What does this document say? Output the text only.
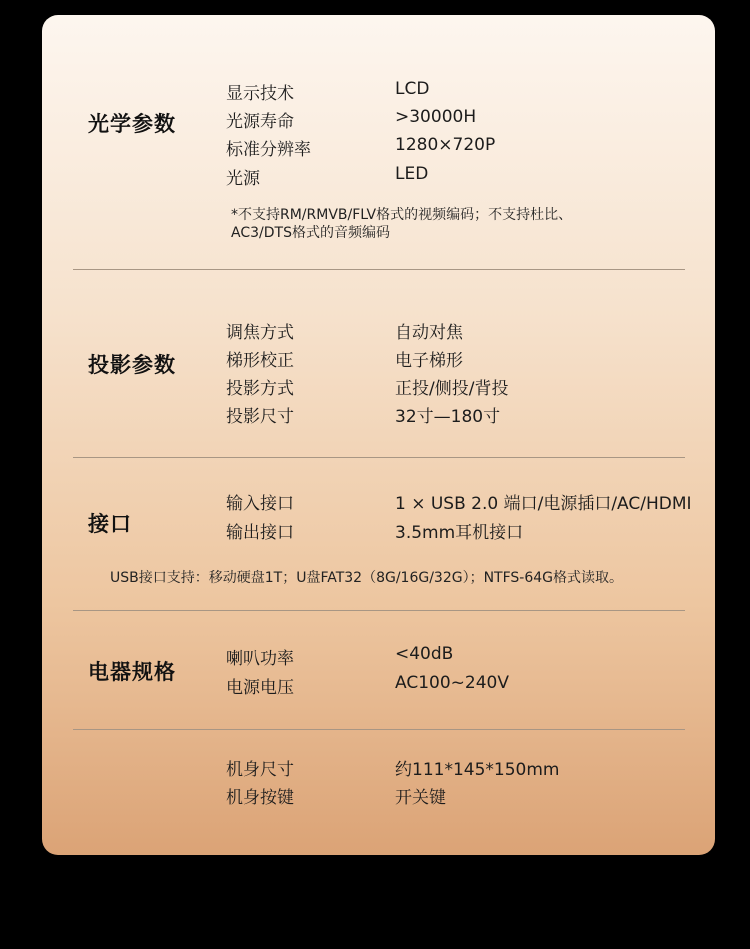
光学参数
显示技术	LCD
光源寿命	>30000H
标准分辨率	1280×720P
光源	LED
*不支持RM/RMVB/FLV格式的视频编码；不支持杜比、
AC3/DTS格式的音频编码
投影参数
调焦方式	自动对焦
梯形校正	电子梯形
投影方式	正投/侧投/背投
投影尺寸	32寸—180寸
接口
输入接口	1 × USB 2.0 端口/电源插口/AC/HDMI
输出接口	3.5mm耳机接口
USB接口支持：移动硬盘1T；U盘FAT32（8G/16G/32G）；NTFS-64G格式读取。
电器规格
喇叭功率	<40dB
电源电压	AC100~240V
机身尺寸	约111*145*150mm
机身按键	开关键
